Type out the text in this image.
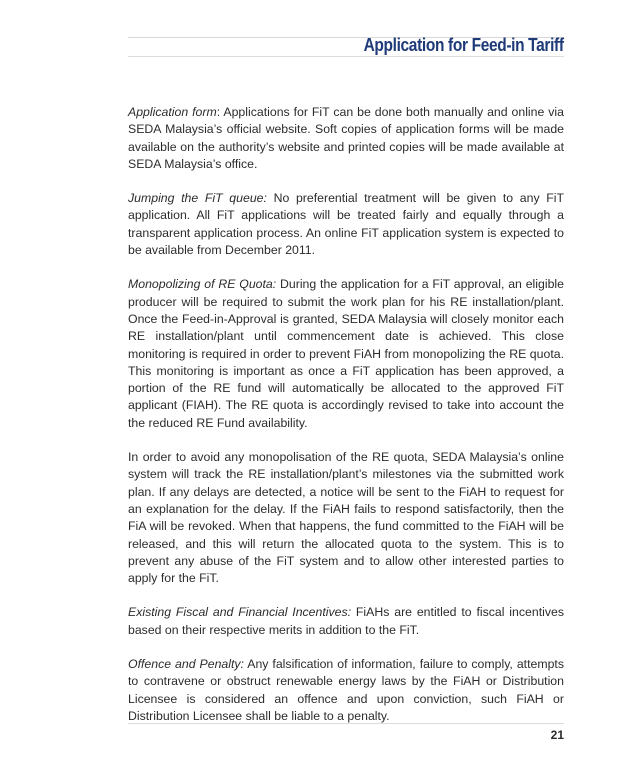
Application for Feed-in Tariff

Application form: Applications for FiT can be done both manually and online via SEDA Malaysia’s official website. Soft copies of application forms will be made available on the authority’s website and printed copies will be made available at SEDA Malaysia’s office.

Jumping the FiT queue: No preferential treatment will be given to any FiT application. All FiT applications will be treated fairly and equally through a transparent application process. An online FiT application system is expected to be available from December 2011.

Monopolizing of RE Quota: During the application for a FiT approval, an eligible producer will be required to submit the work plan for his RE installation/plant. Once the Feed-in-Approval is granted, SEDA Malaysia will closely monitor each RE installation/plant until commencement date is achieved. This close monitoring is required in order to prevent FiAH from monopolizing the RE quota. This monitoring is important as once a FiT application has been approved, a portion of the RE fund will automatically be allocated to the approved FiT applicant (FIAH). The RE quota is accordingly revised to take into account the the reduced RE Fund availability.

In order to avoid any monopolisation of the RE quota, SEDA Malaysia’s online system will track the RE installation/plant’s milestones via the submitted work plan. If any delays are detected, a notice will be sent to the FiAH to request for an explanation for the delay. If the FiAH fails to respond satisfactorily, then the FiA will be revoked. When that happens, the fund committed to the FiAH will be released, and this will return the allocated quota to the system. This is to prevent any abuse of the FiT system and to allow other interested parties to apply for the FiT.

Existing Fiscal and Financial Incentives: FiAHs are entitled to fiscal incentives based on their respective merits in addition to the FiT.

Offence and Penalty: Any falsification of information, failure to comply, attempts to contravene or obstruct renewable energy laws by the FiAH or Distribution Licensee is considered an offence and upon conviction, such FiAH or Distribution Licensee shall be liable to a penalty.

21
